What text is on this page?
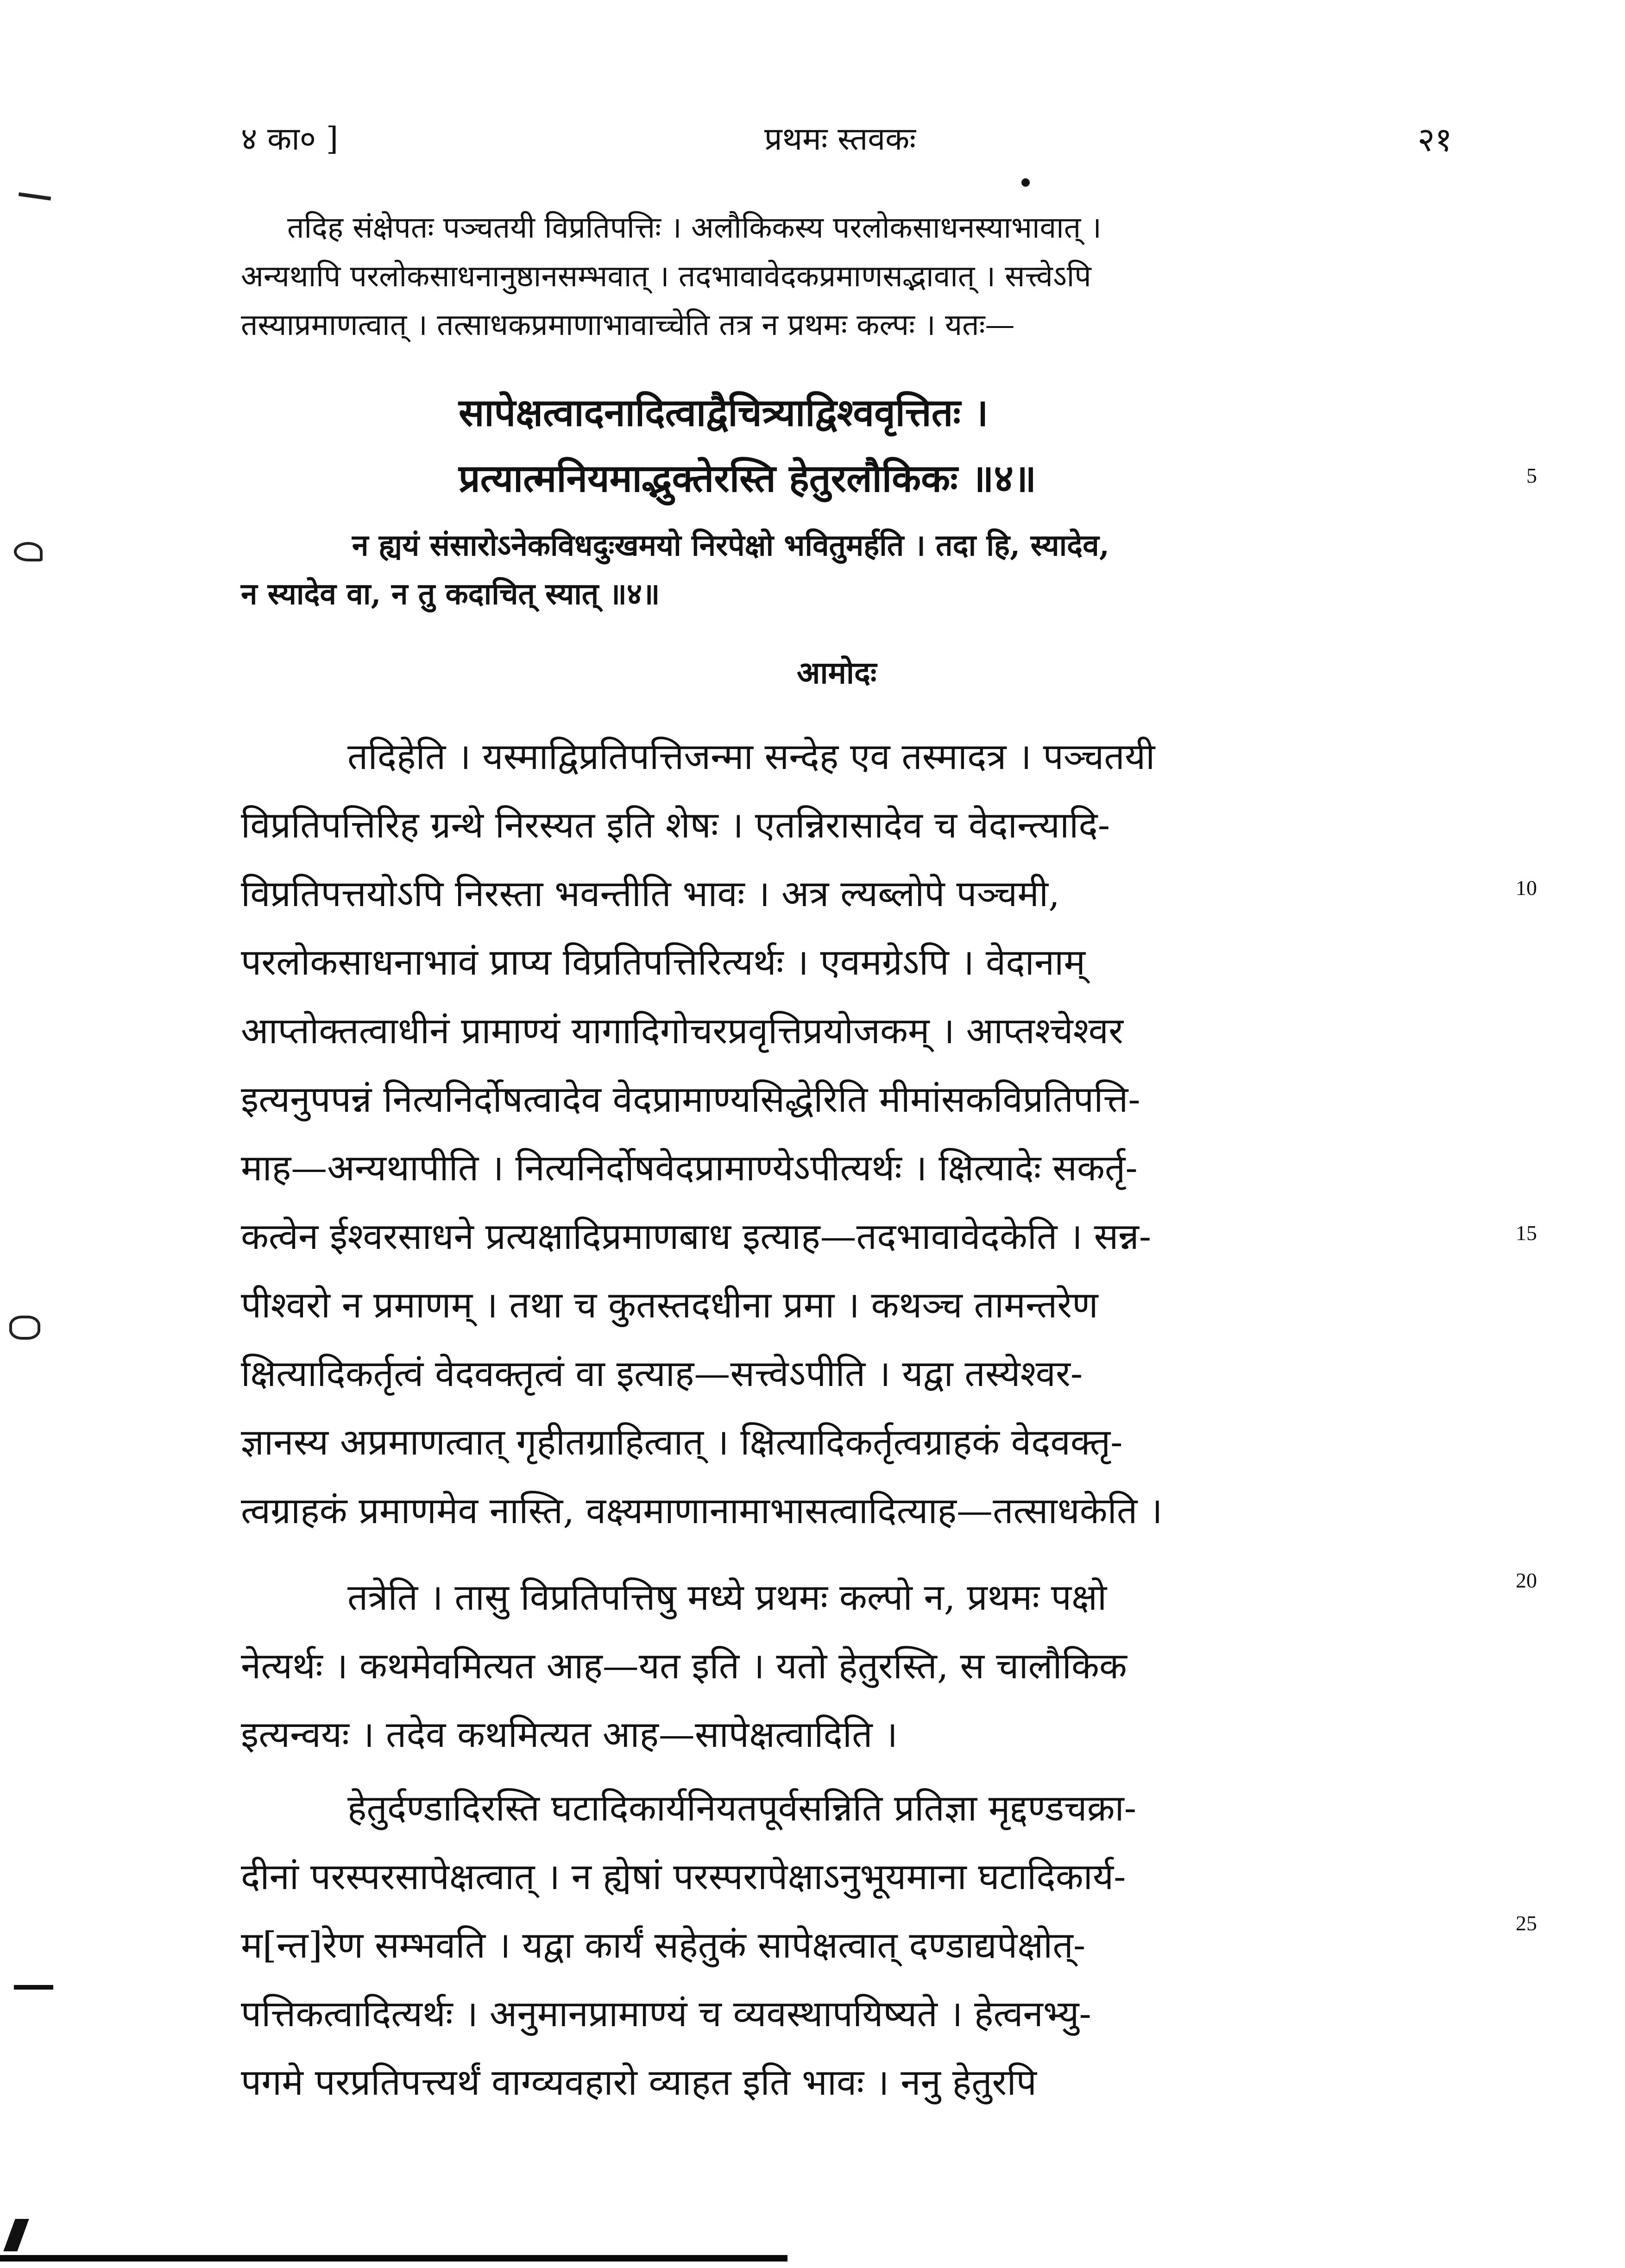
४ का० ]	प्रथमः स्तवकः	२१
तदिह संक्षेपतः पञ्चतयी विप्रतिपत्तिः । अलौकिकस्य परलोकसाधनस्याभावात् ।
अन्यथापि परलोकसाधनानुष्ठानसम्भवात् । तदभावावेदकप्रमाणसद्भावात् । सत्त्वेऽपि
तस्याप्रमाणत्वात् । तत्साधकप्रमाणाभावाच्चेति तत्र न प्रथमः कल्पः । यतः—
सापेक्षत्वादनादित्वाद्वैचित्र्याद्विश्ववृत्तितः ।
प्रत्यात्मनियमाद्भुक्तेरस्ति हेतुरलौकिकः ॥४॥
न ह्ययं संसारोऽनेकविधदुःखमयो निरपेक्षो भवितुमर्हति । तदा हि, स्यादेव,
न स्यादेव वा, न तु कदाचित् स्यात् ॥४॥
आमोदः
तदिहेति । यस्माद्विप्रतिपत्तिजन्मा सन्देह एव तस्मादत्र । पञ्चतयी
विप्रतिपत्तिरिह ग्रन्थे निरस्यत इति शेषः । एतन्निरासादेव च वेदान्त्यादि-
विप्रतिपत्तयोऽपि निरस्ता भवन्तीति भावः । अत्र ल्यब्लोपे पञ्चमी,
परलोकसाधनाभावं प्राप्य विप्रतिपत्तिरित्यर्थः । एवमग्रेऽपि । वेदानाम्
आप्तोक्तत्वाधीनं प्रामाण्यं यागादिगोचरप्रवृत्तिप्रयोजकम् । आप्तश्चेश्वर
इत्यनुपपन्नं नित्यनिर्दोषत्वादेव वेदप्रामाण्यसिद्धेरिति मीमांसकविप्रतिपत्ति-
माह—अन्यथापीति । नित्यनिर्दोषवेदप्रामाण्येऽपीत्यर्थः । क्षित्यादेः सकर्तृ-
कत्वेन ईश्वरसाधने प्रत्यक्षादिप्रमाणबाध इत्याह—तदभावावेदकेति । सन्न-
पीश्वरो न प्रमाणम् । तथा च कुतस्तदधीना प्रमा । कथञ्च तामन्तरेण
क्षित्यादिकर्तृत्वं वेदवक्तृत्वं वा इत्याह—सत्त्वेऽपीति । यद्वा तस्येश्वर-
ज्ञानस्य अप्रमाणत्वात् गृहीतग्राहित्वात् । क्षित्यादिकर्तृत्वग्राहकं वेदवक्तृ-
त्वग्राहकं प्रमाणमेव नास्ति, वक्ष्यमाणानामाभासत्वादित्याह—तत्साधकेति ।
तत्रेति । तासु विप्रतिपत्तिषु मध्ये प्रथमः कल्पो न, प्रथमः पक्षो
नेत्यर्थः । कथमेवमित्यत आह—यत इति । यतो हेतुरस्ति, स चालौकिक
इत्यन्वयः । तदेव कथमित्यत आह—सापेक्षत्वादिति ।
हेतुर्दण्डादिरस्ति घटादिकार्यनियतपूर्वसन्निति प्रतिज्ञा मृद्दण्डचक्रा-
दीनां परस्परसापेक्षत्वात् । न ह्येषां परस्परापेक्षाऽनुभूयमाना घटादिकार्य-
म[न्त]रेण सम्भवति । यद्वा कार्यं सहेतुकं सापेक्षत्वात् दण्डाद्यपेक्षोत्-
पत्तिकत्वादित्यर्थः । अनुमानप्रामाण्यं च व्यवस्थापयिष्यते । हेत्वनभ्यु-
पगमे परप्रतिपत्त्यर्थं वाग्व्यवहारो व्याहत इति भावः । ननु हेतुरपि
5
10
15
20
25
